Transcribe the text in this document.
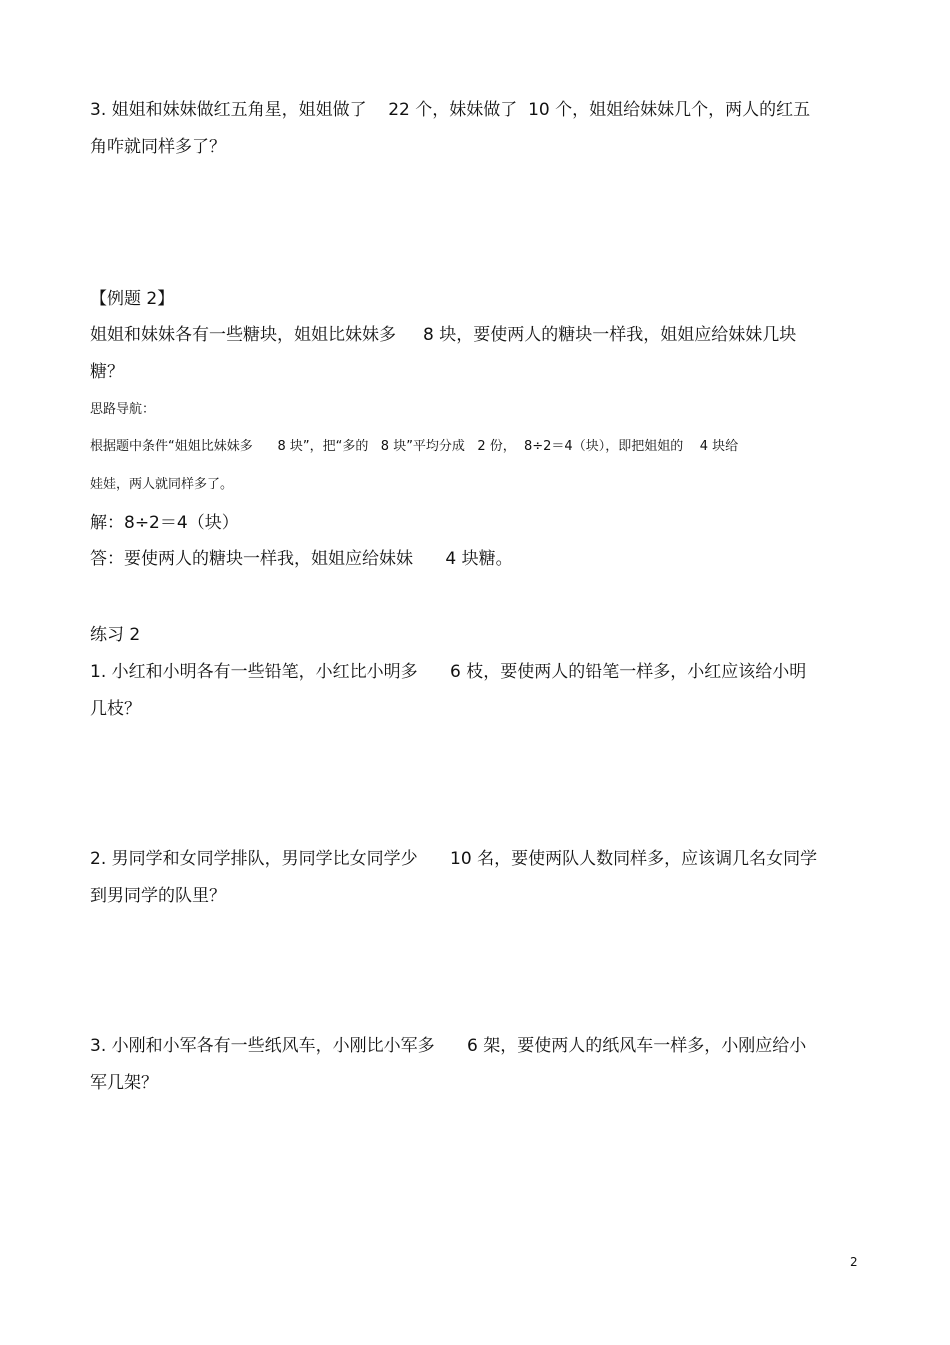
3. 姐姐和妹妹做红五角星，姐姐做了    22 个，妹妹做了  10 个，姐姐给妹妹几个，两人的红五

角咋就同样多了？

【例题 2】

姐姐和妹妹各有一些糖块，姐姐比妹妹多     8 块，要使两人的糖块一样我，姐姐应给妹妹几块

糖？

思路导航：

根据题中条件“姐姐比妹妹多      8 块”，把“多的   8 块”平均分成   2 份，  8÷2＝4（块），即把姐姐的    4 块给

娃娃，两人就同样多了。

解：8÷2＝4（块）

答：要使两人的糖块一样我，姐姐应给妹妹      4 块糖。

练习 2

1. 小红和小明各有一些铅笔，小红比小明多      6 枝，要使两人的铅笔一样多，小红应该给小明

几枝？

2. 男同学和女同学排队，男同学比女同学少      10 名，要使两队人数同样多，应该调几名女同学

到男同学的队里？

3. 小刚和小军各有一些纸风车，小刚比小军多      6 架，要使两人的纸风车一样多，小刚应给小

军几架？

2
